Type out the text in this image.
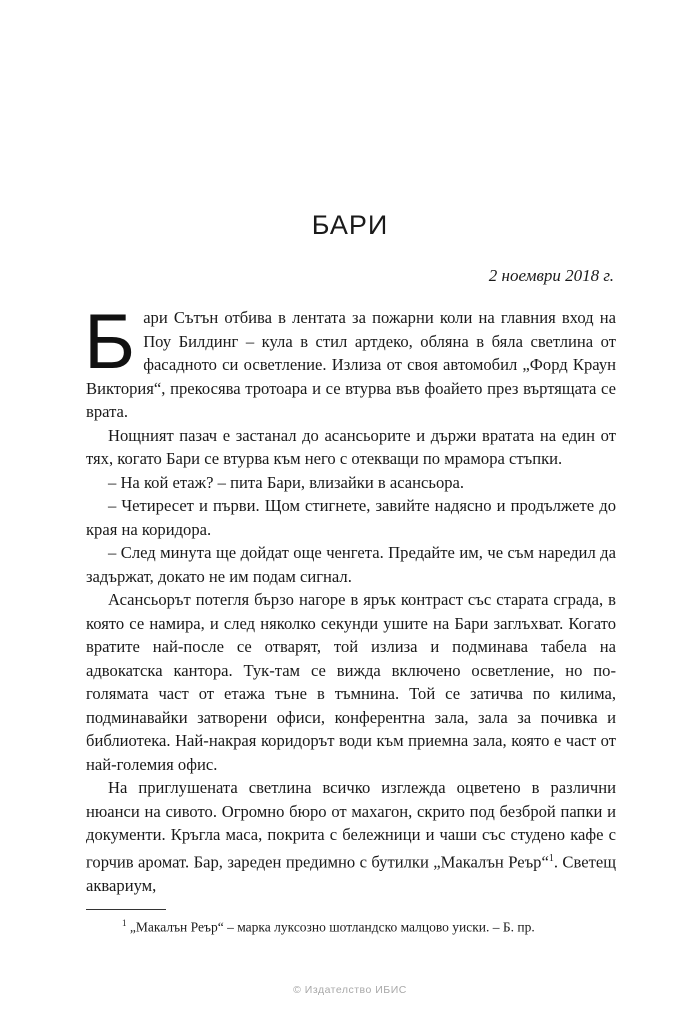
БАРИ
2 ноември 2018 г.

Бари Сътън отбива в лентата за пожарни коли на главния вход на Поу Билдинг – кула в стил артдеко, обляна в бяла светлина от фасадното си осветление. Излиза от своя автомобил „Форд Краун Виктория“, прекосява тротоара и се втурва във фоайето през въртящата се врата.

Нощният пазач е застанал до асансьорите и държи вратата на един от тях, когато Бари се втурва към него с отекващи по мрамора стъпки.

– На кой етаж? – пита Бари, влизайки в асансьора.

– Четиресет и първи. Щом стигнете, завийте надясно и продължете до края на коридора.

– След минута ще дойдат още ченгета. Предайте им, че съм наредил да задържат, докато не им подам сигнал.

Асансьорът потегля бързо нагоре в ярък контраст със старата сграда, в която се намира, и след няколко секунди ушите на Бари заглъхват. Когато вратите най-после се отварят, той излиза и подминава табела на адвокатска кантора. Тук-там се вижда включено осветление, но по-голямата част от етажа тъне в тъмнина. Той се затичва по килима, подминавайки затворени офиси, конферентна зала, зала за почивка и библиотека. Най-накрая коридорът води към приемна зала, която е част от най-големия офис.

На приглушената светлина всичко изглежда оцветено в различни нюанси на сивото. Огромно бюро от махагон, скрито под безброй папки и документи. Кръгла маса, покрита с бележници и чаши със студено кафе с горчив аромат. Бар, зареден предимно с бутилки „Макалън Реър“$^1$. Светещ аквариум,

$^1$ „Макалън Реър“ – марка луксозно шотландско малцово уиски. – Б. пр.
© Издателство ИБИС
